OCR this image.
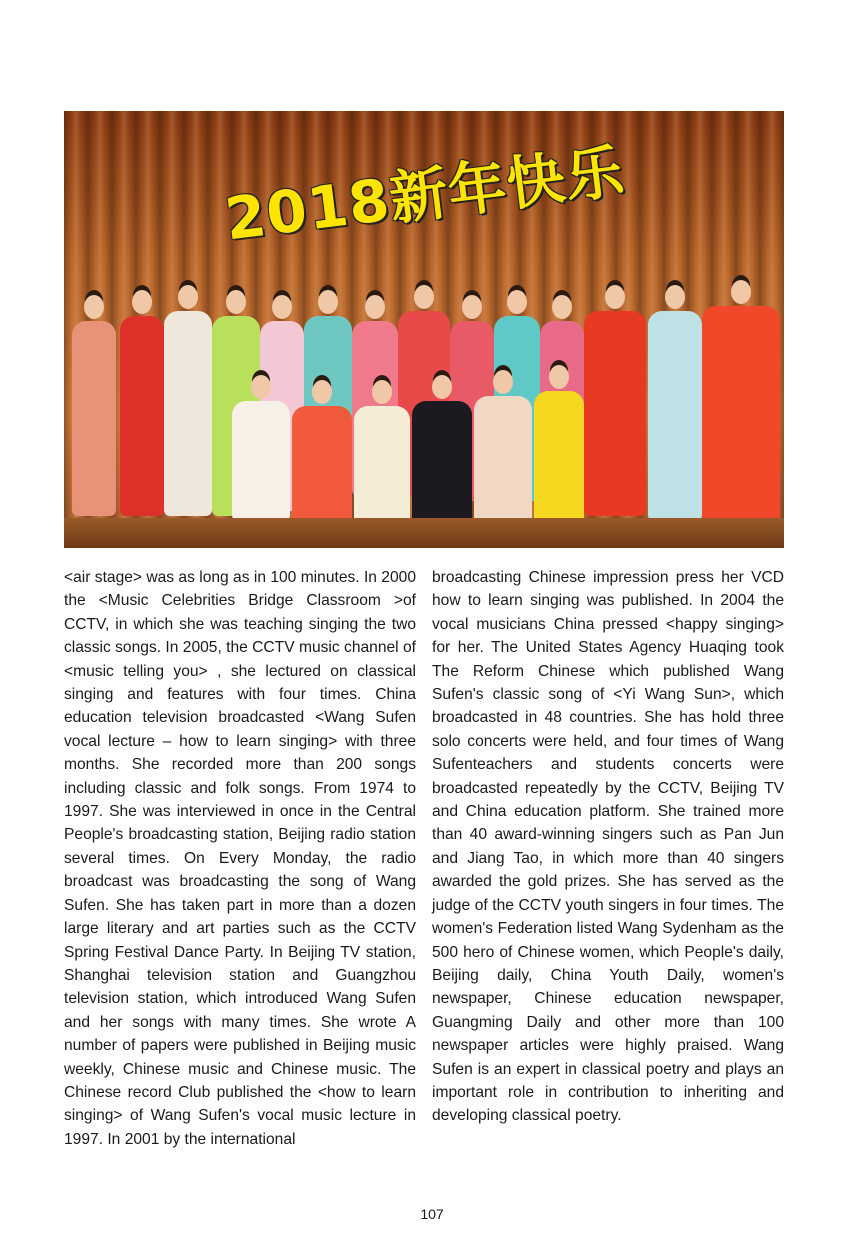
2018新年快乐

<air stage> was as long as in 100 minutes. In 2000 the <Music Celebrities Bridge Classroom >of CCTV, in which she was teaching singing the two classic songs. In 2005, the CCTV music channel of <music telling you> , she lectured on classical singing and features with four times. China education television broadcasted <Wang Sufen vocal lecture – how to learn singing> with three months. She recorded more than 200 songs including classic and folk songs. From 1974 to 1997. She was interviewed in once in the Central People's broadcasting station, Beijing radio station several times. On Every Monday, the radio broadcast was broadcasting the song of Wang Sufen. She has taken part in more than a dozen large literary and art parties such as the CCTV Spring Festival Dance Party. In Beijing TV station, Shanghai television station and Guangzhou television station, which introduced Wang Sufen and her songs with many times. She wrote A number of papers were published in Beijing music weekly, Chinese music and Chinese music. The Chinese record Club published the <how to learn singing> of Wang Sufen's vocal music lecture in 1997. In 2001 by the international

broadcasting Chinese impression press her VCD how to learn singing was published. In 2004 the vocal musicians China pressed <happy singing> for her. The United States Agency Huaqing took The Reform Chinese which published Wang Sufen's classic song of <Yi Wang Sun>, which broadcasted in 48 countries. She has hold three solo concerts were held, and four times of Wang Sufenteachers and students concerts were broadcasted repeatedly by the CCTV, Beijing TV and China education platform. She trained more than 40 award-winning singers such as Pan Jun and Jiang Tao, in which more than 40 singers awarded the gold prizes. She has served as the judge of the CCTV youth singers in four times. The women's Federation listed Wang Sydenham as the 500 hero of Chinese women, which People's daily, Beijing daily, China Youth Daily, women's newspaper, Chinese education newspaper, Guangming Daily and other more than 100 newspaper articles were highly praised. Wang Sufen is an expert in classical poetry and plays an important role in contribution to inheriting and developing classical poetry.

107
